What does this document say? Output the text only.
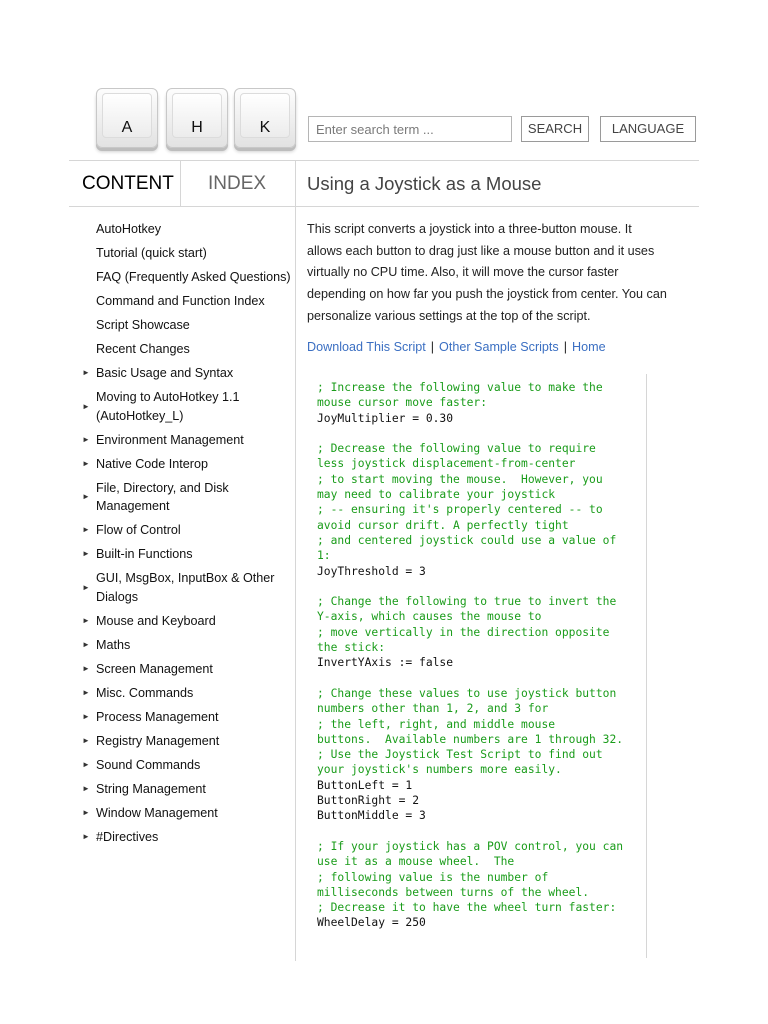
A	H	K
Enter search term ...	SEARCH	LANGUAGE
CONTENT INDEX Using a Joystick as a Mouse
AutoHotkey
Tutorial (quick start)
FAQ (Frequently Asked Questions)
Command and Function Index
Script Showcase
Recent Changes
► Basic Usage and Syntax
►
Moving to AutoHotkey 1.1 (AutoHotkey_L)
► Environment Management
► Native Code Interop
►
File, Directory, and Disk Management
► Flow of Control
► Built-in Functions
►
GUI, MsgBox, InputBox & Other Dialogs
► Mouse and Keyboard
► Maths
► Screen Management
► Misc. Commands
► Process Management
► Registry Management
► Sound Commands
► String Management
► Window Management
► #Directives

This script converts a joystick into a three-button mouse. It allows each button to drag just like a mouse button and it uses virtually no CPU time. Also, it will move the cursor faster depending on how far you push the joystick from center. You can personalize various settings at the top of the script.

Download This Script | Other Sample Scripts | Home
; Increase the following value to make the
mouse cursor move faster:
JoyMultiplier = 0.30

; Decrease the following value to require
less joystick displacement-from-center
; to start moving the mouse.  However, you
may need to calibrate your joystick
; -- ensuring it's properly centered -- to
avoid cursor drift. A perfectly tight
; and centered joystick could use a value of
1:
JoyThreshold = 3

; Change the following to true to invert the
Y-axis, which causes the mouse to
; move vertically in the direction opposite
the stick:
InvertYAxis := false

; Change these values to use joystick button
numbers other than 1, 2, and 3 for
; the left, right, and middle mouse
buttons.  Available numbers are 1 through 32.
; Use the Joystick Test Script to find out
your joystick's numbers more easily.
ButtonLeft = 1
ButtonRight = 2
ButtonMiddle = 3

; If your joystick has a POV control, you can
use it as a mouse wheel.  The
; following value is the number of
milliseconds between turns of the wheel.
; Decrease it to have the wheel turn faster:
WheelDelay = 250
